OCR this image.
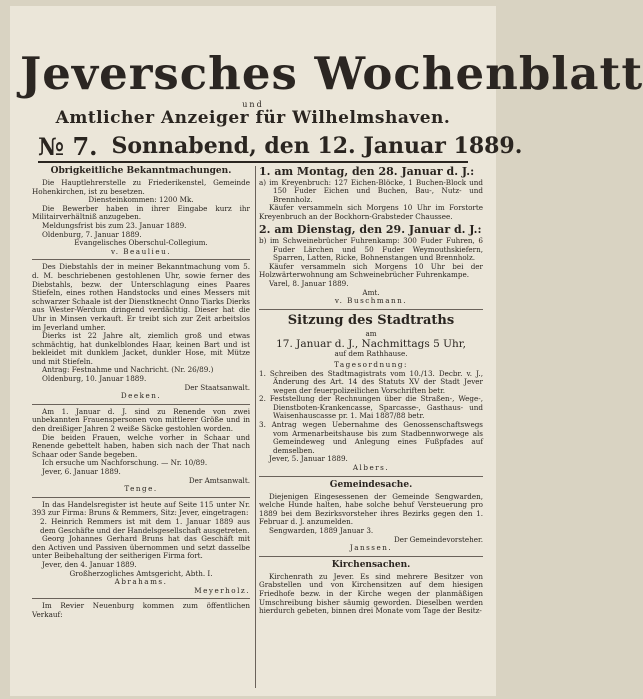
Jeversches Wochenblatt
und
Amtlicher Anzeiger für Wilhelmshaven.
№ 7. Sonnabend, den 12. Januar 1889.
Obrigkeitliche Bekanntmachungen.

Die Hauptlehrerstelle zu Friederikenstel, Gemeinde Hohenkirchen, ist zu besetzen.

Diensteinkommen: 1200 Mk.

Die Bewerber haben in ihrer Eingabe kurz ihr Militairverhältniß anzugeben.

Meldungsfrist bis zum 23. Januar 1889.

Oldenburg, 7. Januar 1889.

Evangelisches Oberschul-Collegium.

v. Beaulieu.

Des Diebstahls der in meiner Bekanntmachung vom 5. d. M. beschriebenen gestohlenen Uhr, sowie ferner des Diebstahls, bezw. der Unterschlagung eines Paares Stiefeln, eines rothen Handstocks und eines Messers mit schwarzer Schaale ist der Dienstknecht Onno Tiarks Dierks aus Wester-Werdum dringend verdächtig. Dieser hat die Uhr in Minsen verkauft. Er treibt sich zur Zeit arbeitslos im Jeverland umher.

Dierks ist 22 Jahre alt, ziemlich groß und etwas schmächtig, hat dunkelblondes Haar, keinen Bart und ist bekleidet mit dunklem Jacket, dunkler Hose, mit Mütze und mit Stiefeln.

Antrag: Festnahme und Nachricht. (Nr. 26/89.)

Oldenburg, 10. Januar 1889.

Der Staatsanwalt.

Deeken.

Am 1. Januar d. J. sind zu Renende von zwei unbekannten Frauenspersonen von mittlerer Größe und in den dreißiger Jahren 2 weiße Säcke gestohlen worden.

Die beiden Frauen, welche vorher in Schaar und Renende gebettelt haben, haben sich nach der That nach Schaar oder Sande begeben.

Ich ersuche um Nachforschung. — Nr. 10/89.

Jever, 6. Januar 1889.

Der Amtsanwalt.

Tenge.

In das Handelsregister ist heute auf Seite 115 unter Nr. 393 zur Firma: Bruns & Remmers, Sitz: Jever, eingetragen:

2. Heinrich Remmers ist mit dem 1. Januar 1889 aus dem Geschäfte und der Handelsgesellschaft ausgetreten.

Georg Johannes Gerhard Bruns hat das Geschäft mit den Activen und Passiven übernommen und setzt dasselbe unter Beibehaltung der seitherigen Firma fort.

Jever, den 4. Januar 1889.

Großherzogliches Amtsgericht, Abth. I.

Abrahams.

Meyerholz.

Im Revier Neuenburg kommen zum öffentlichen Verkauf:

1. am Montag, den 28. Januar d. J.:

a) im Kreyenbruch: 127 Eichen-Blöcke, 1 Buchen-Block und 150 Fuder Eichen und Buchen, Bau-, Nutz- und Brennholz.

Käufer versammeln sich Morgens 10 Uhr im Forstorte Kreyenbruch an der Bockhorn-Grabsteder Chaussee.

2. am Dienstag, den 29. Januar d. J.:

b) im Schweinebrücher Fuhrenkamp: 300 Fuder Fuhren, 6 Fuder Lärchen und 50 Fuder Weymouthskiefern, Sparren, Latten, Ricke, Bohnenstangen und Brennholz.

Käufer versammeln sich Morgens 10 Uhr bei der Holzwärterwohnung am Schweinebrücher Fuhrenkampe.

Varel, 8. Januar 1889.

Amt.

v. Buschmann.

Sitzung des Stadtraths

am

17. Januar d. J., Nachmittags 5 Uhr,

auf dem Rathhause.

Tagesordnung:

1. Schreiben des Stadtmagistrats vom 10./13. Decbr. v. J., Änderung des Art. 14 des Statuts XV der Stadt Jever wegen der feuerpolizeilichen Vorschriften betr.

2. Feststellung der Rechnungen über die Straßen-, Wege-, Dienstboten-Krankencasse, Sparcasse-, Gasthaus- und Waisenhauscasse pr. 1. Mai 1887/88 betr.

3. Antrag wegen Uebernahme des Genossenschaftswegs vom Armenarbeitshause bis zum Stadbennworwege als Gemeindeweg und Anlegung eines Fußpfades auf demselben.

Jever, 5. Januar 1889.

Albers.

Gemeindesache.

Diejenigen Eingesessenen der Gemeinde Sengwarden, welche Hunde halten, habe solche behuf Versteuerung pro 1889 bei dem Bezirksvorsteher ihres Bezirks gegen den 1. Februar d. J. anzumelden.

Sengwarden, 1889 Januar 3.

Der Gemeindevorsteher.

Janssen.

Kirchensachen.

Kirchenrath zu Jever. Es sind mehrere Besitzer von Grabstellen und von Kirchensitzen auf dem hiesigen Friedhofe bezw. in der Kirche wegen der planmäßigen Umschreibung bisher säumig geworden. Dieselben werden hierdurch gebeten, binnen drei Monate vom Tage der Besitz-
